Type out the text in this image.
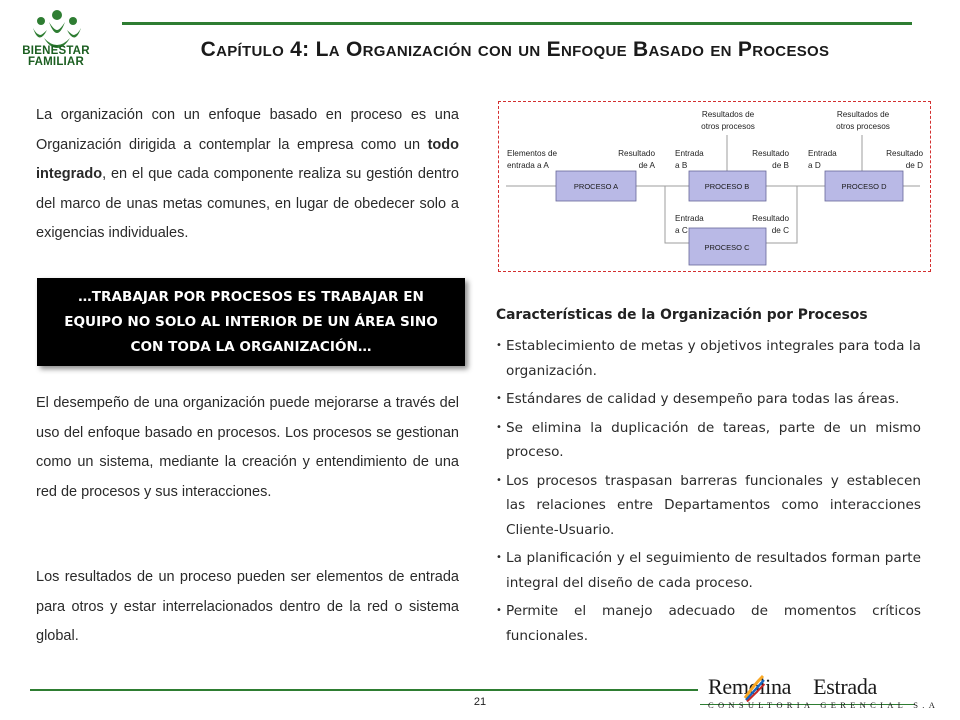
BIENESTAR
FAMILIAR
Capítulo 4: La Organización con un Enfoque Basado en Procesos

La organización con un enfoque basado en proceso es una Organización dirigida a contemplar la empresa como un todo integrado, en el que cada componente realiza su gestión dentro del marco de unas metas comunes, en lugar de obedecer solo a exigencias individuales.

…TRABAJAR POR PROCESOS ES TRABAJAR EN EQUIPO NO SOLO AL INTERIOR DE UN ÁREA SINO CON TODA LA ORGANIZACIÓN…

El desempeño de una organización puede mejorarse a través del uso del enfoque basado en procesos. Los procesos se gestionan como un sistema, mediante la creación y entendimiento de una red de procesos y sus interacciones.

Los resultados de un proceso pueden ser elementos de entrada para otros y estar interrelacionados dentro de la red o sistema global.

PROCESO A	PROCESO B	PROCESO D
PROCESO C
Resultados de
otros procesos
Resultados de
otros procesos
Elementos de
entrada a A
Resultado
de A
Entrada
a B
Resultado
de B
Entrada
a D
Resultado
de D
Entrada
a C
Resultado
de C
Características de la Organización por Procesos
• Establecimiento de metas y objetivos integrales para toda la organización.
• Estándares de calidad y desempeño para todas las áreas.
• Se elimina la duplicación de tareas, parte de un mismo proceso.
• Los procesos traspasan barreras funcionales y establecen las relaciones entre Departamentos como interacciones Cliente-Usuario.
• La planificación y el seguimiento de resultados forman parte integral del diseño de cada proceso.
• Permite el manejo adecuado de momentos críticos funcionales.
21
Remolina Estrada
CONSULTORIA GERENCIAL S.A
